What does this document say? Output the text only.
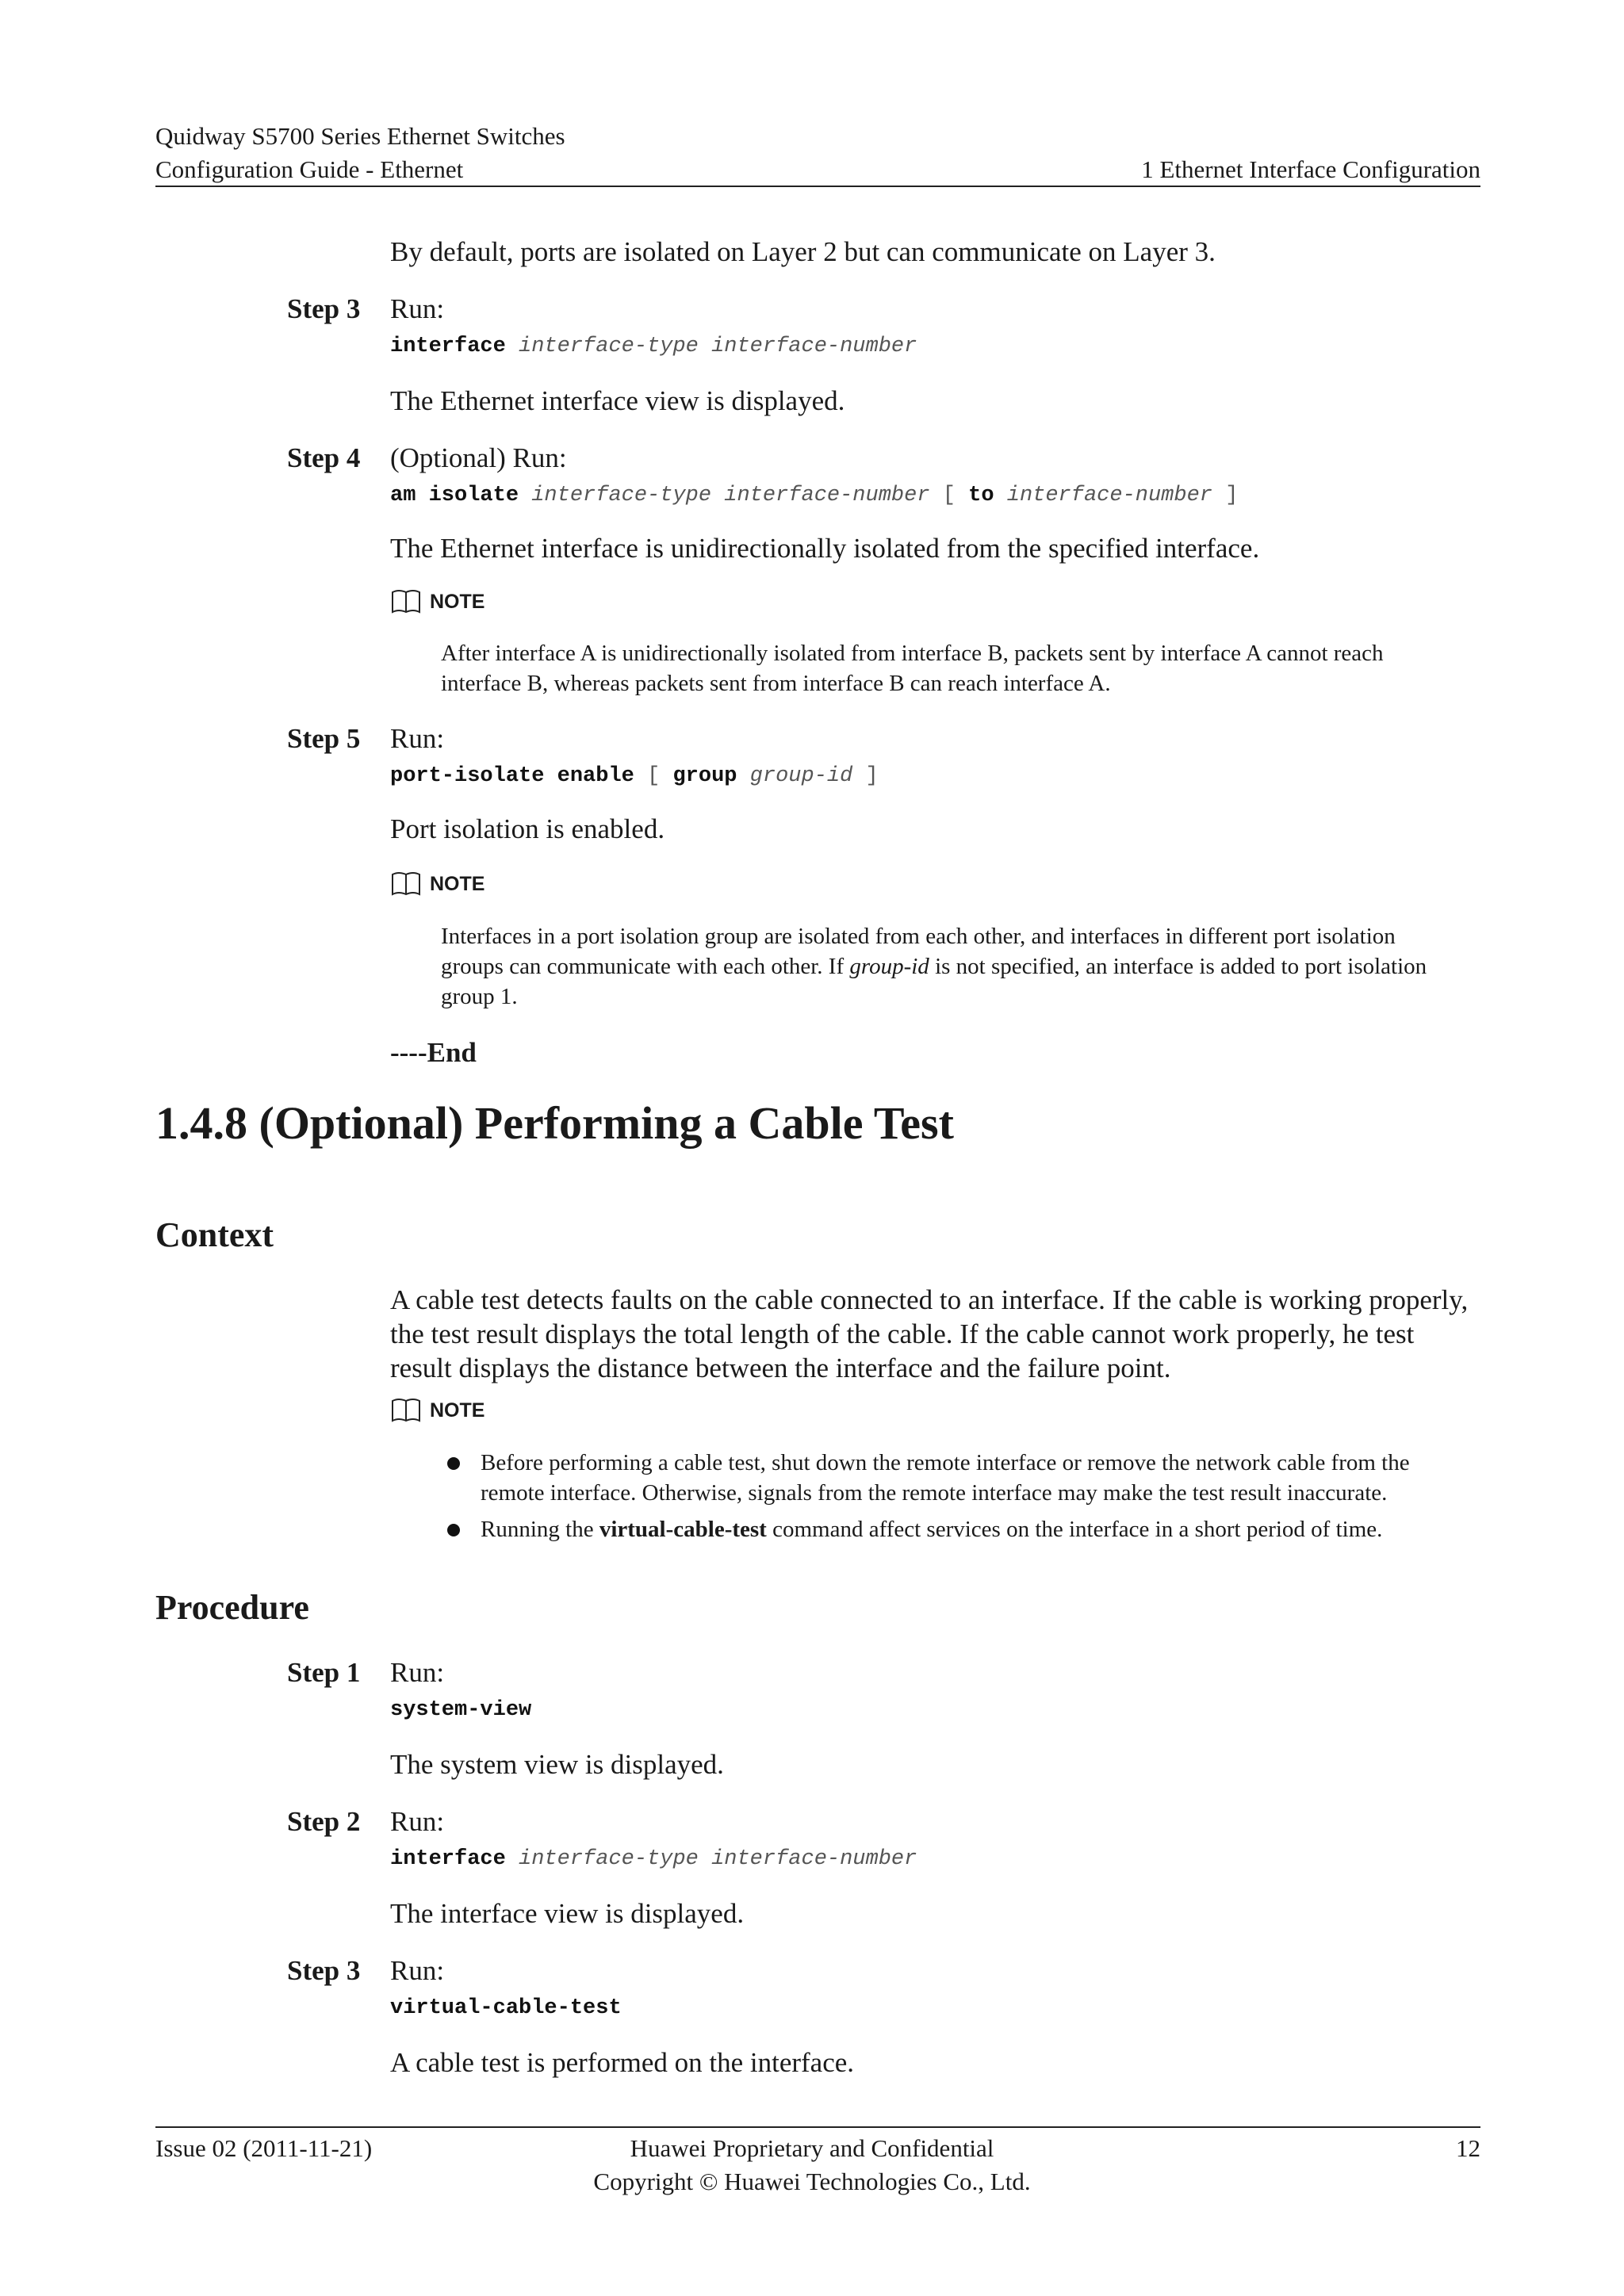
Quidway S5700 Series Ethernet Switches
Configuration Guide - Ethernet	1 Ethernet Interface Configuration
By default, ports are isolated on Layer 2 but can communicate on Layer 3.
Step 3 Run:
interface interface-type interface-number
The Ethernet interface view is displayed.
Step 4 (Optional) Run:
am isolate interface-type interface-number [ to interface-number ]
The Ethernet interface is unidirectionally isolated from the specified interface.
NOTE
After interface A is unidirectionally isolated from interface B, packets sent by interface A cannot reach
interface B, whereas packets sent from interface B can reach interface A.
Step 5 Run:
port-isolate enable [ group group-id ]
Port isolation is enabled.
NOTE
Interfaces in a port isolation group are isolated from each other, and interfaces in different port isolation
groups can communicate with each other. If group-id is not specified, an interface is added to port isolation
group 1.
----End
1.4.8 (Optional) Performing a Cable Test
Context
A cable test detects faults on the cable connected to an interface. If the cable is working properly,
the test result displays the total length of the cable. If the cable cannot work properly, he test
result displays the distance between the interface and the failure point.
NOTE
Before performing a cable test, shut down the remote interface or remove the network cable from the
remote interface. Otherwise, signals from the remote interface may make the test result inaccurate.
Running the virtual-cable-test command affect services on the interface in a short period of time.
Procedure
Step 1 Run:
system-view
The system view is displayed.
Step 2 Run:
interface interface-type interface-number
The interface view is displayed.
Step 3 Run:
virtual-cable-test
A cable test is performed on the interface.
Issue 02 (2011-11-21)	Huawei Proprietary and Confidential
Copyright © Huawei Technologies Co., Ltd.
12
